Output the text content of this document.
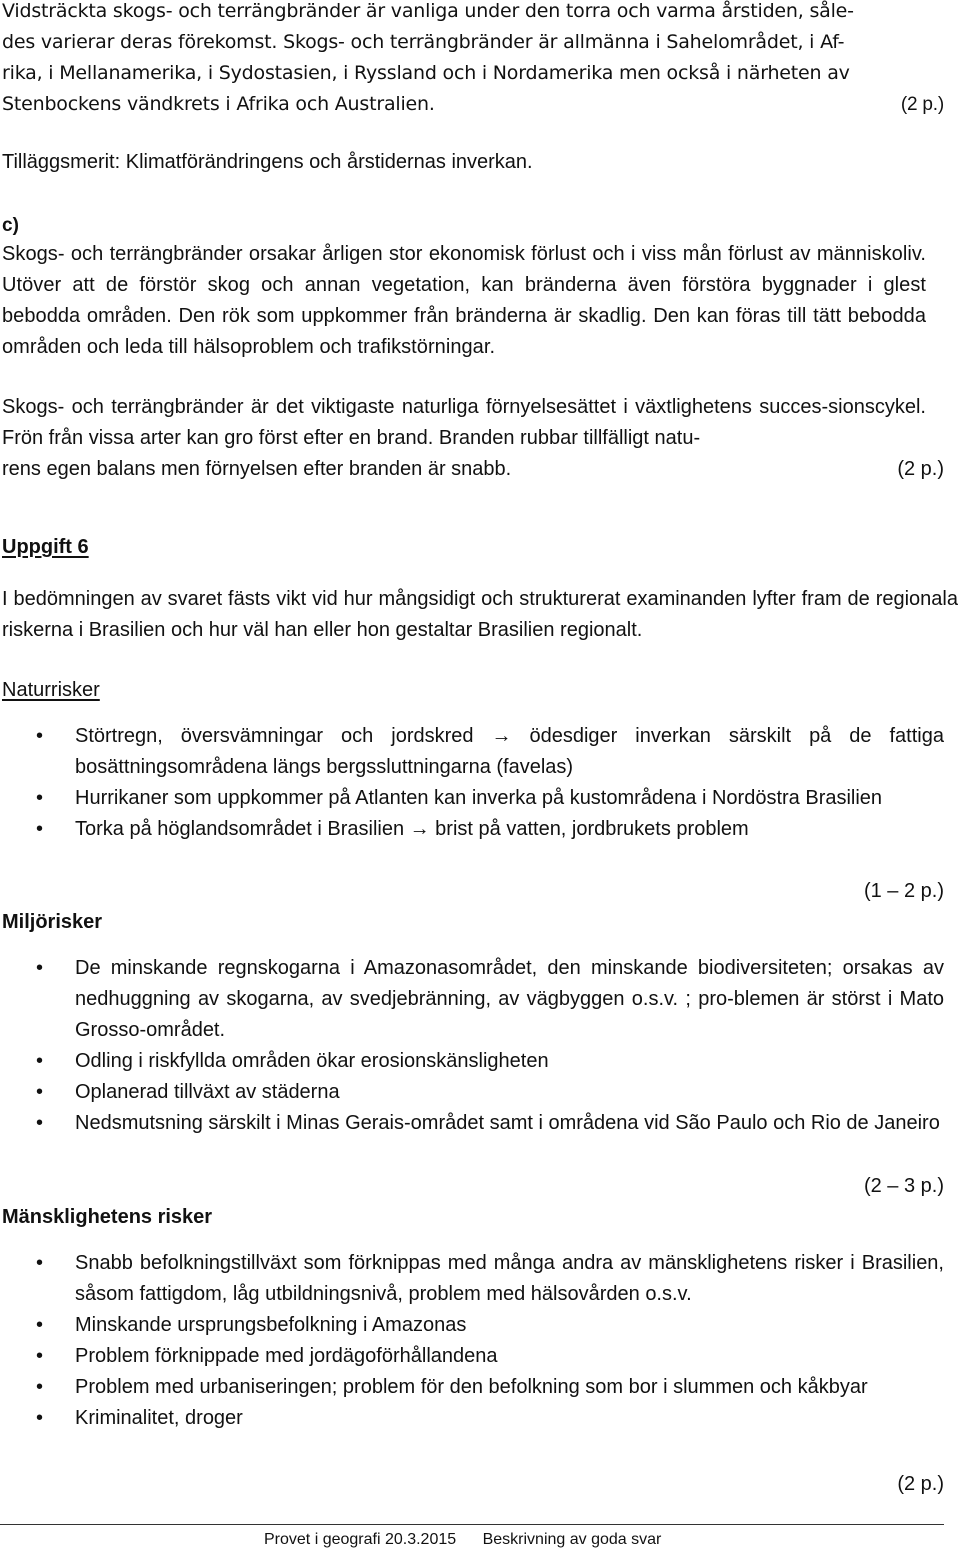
Vidsträckta skogs- och terrängbränder är vanliga under den torra och varma årstiden, såle-
des varierar deras förekomst. Skogs- och terrängbränder är allmänna i Sahelområdet, i Af-
rika, i Mellanamerika, i Sydostasien, i Ryssland och i Nordamerika men också i närheten av
Stenbockens vändkrets i Afrika och Australien.	(2 p.)

Tilläggsmerit: Klimatförändringens och årstidernas inverkan.

c)

Skogs- och terrängbränder orsakar årligen stor ekonomisk förlust och i viss mån förlust av människoliv. Utöver att de förstör skog och annan vegetation, kan bränderna även förstöra byggnader i glest bebodda områden. Den rök som uppkommer från bränderna är skadlig. Den kan föras till tätt bebodda områden och leda till hälsoproblem och trafikstörningar.

Skogs- och terrängbränder är det viktigaste naturliga förnyelsesättet i växtlighetens succes-sionscykel. Frön från vissa arter kan gro först efter en brand. Branden rubbar tillfälligt natu-

rens egen balans men förnyelsen efter branden är snabb.	(2 p.)

Uppgift 6

I bedömningen av svaret fästs vikt vid hur mångsidigt och strukturerat examinanden lyfter fram de regionala riskerna i Brasilien och hur väl han eller hon gestaltar Brasilien regionalt.

Naturrisker

• Störtregn, översvämningar och jordskred → ödesdiger inverkan särskilt på de fattiga bosättningsområdena längs bergssluttningarna (favelas)
• Hurrikaner som uppkommer på Atlanten kan inverka på kustområdena i Nordöstra Brasilien
• Torka på höglandsområdet i Brasilien → brist på vatten, jordbrukets problem

(1 – 2 p.)

Miljörisker

• De minskande regnskogarna i Amazonasområdet, den minskande biodiversiteten; orsakas av nedhuggning av skogarna, av svedjebränning, av vägbyggen o.s.v. ; pro-blemen är störst i Mato Grosso-området.
• Odling i riskfyllda områden ökar erosionskänsligheten
• Oplanerad tillväxt av städerna
• Nedsmutsning särskilt i Minas Gerais-området samt i områdena vid São Paulo och Rio de Janeiro

(2 – 3 p.)

Mänsklighetens risker

• Snabb befolkningstillväxt som förknippas med många andra av mänsklighetens risker i Brasilien, såsom fattigdom, låg utbildningsnivå, problem med hälsovården o.s.v.
• Minskande ursprungsbefolkning i Amazonas
• Problem förknippade med jordägoförhållandena
• Problem med urbaniseringen; problem för den befolkning som bor i slummen och kåkbyar
• Kriminalitet, droger

(2 p.)

Provet i geografi 20.3.2015 Beskrivning av goda svar
